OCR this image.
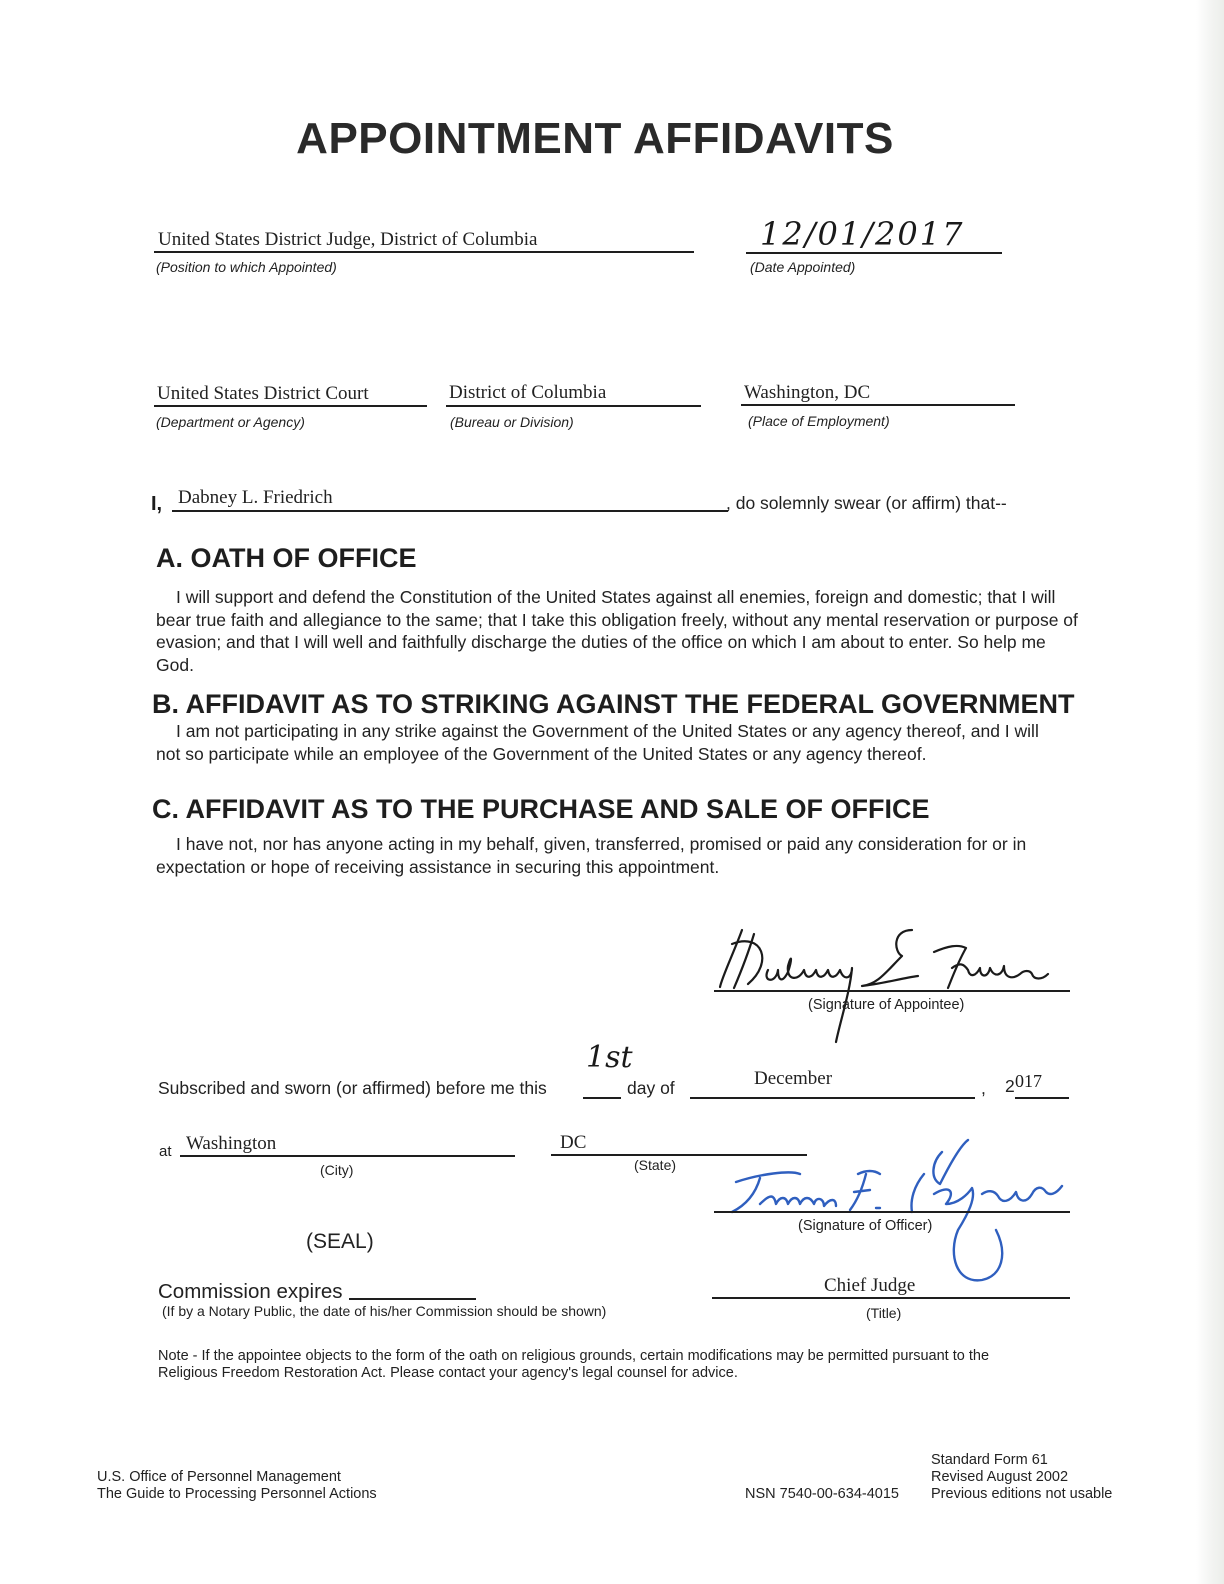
APPOINTMENT AFFIDAVITS
United States District Judge, District of Columbia
(Position to which Appointed)
12/01/2017
(Date Appointed)
United States District Court
(Department or Agency)
District of Columbia
(Bureau or Division)
Washington, DC
(Place of Employment)
I, Dabney L. Friedrich	, do solemnly swear (or affirm) that--
A. OATH OF OFFICE
I will support and defend the Constitution of the United States against all enemies, foreign and domestic; that I will bear true faith and allegiance to the same; that I take this obligation freely, without any mental reservation or purpose of evasion; and that I will well and faithfully discharge the duties of the office on which I am about to enter. So help me God.
B. AFFIDAVIT AS TO STRIKING AGAINST THE FEDERAL GOVERNMENT
I am not participating in any strike against the Government of the United States or any agency thereof, and I will not so participate while an employee of the Government of the United States or any agency thereof.
C. AFFIDAVIT AS TO THE PURCHASE AND SALE OF OFFICE
I have not, nor has anyone acting in my behalf, given, transferred, promised or paid any consideration for or in expectation or hope of receiving assistance in securing this appointment.
(Signature of Appointee)
Subscribed and sworn (or affirmed) before me this
1st
day of	December	, 2 017
at Washington
(City)
DC
(State)
(Signature of Officer)
(SEAL)
Commission expires
(If by a Notary Public, the date of his/her Commission should be shown)
Chief Judge
(Title)
Note - If the appointee objects to the form of the oath on religious grounds, certain modifications may be permitted pursuant to the
Religious Freedom Restoration Act. Please contact your agency's legal counsel for advice.
U.S. Office of Personnel Management
The Guide to Processing Personnel Actions	NSN 7540-00-634-4015
Standard Form 61
Revised August 2002
Previous editions not usable
